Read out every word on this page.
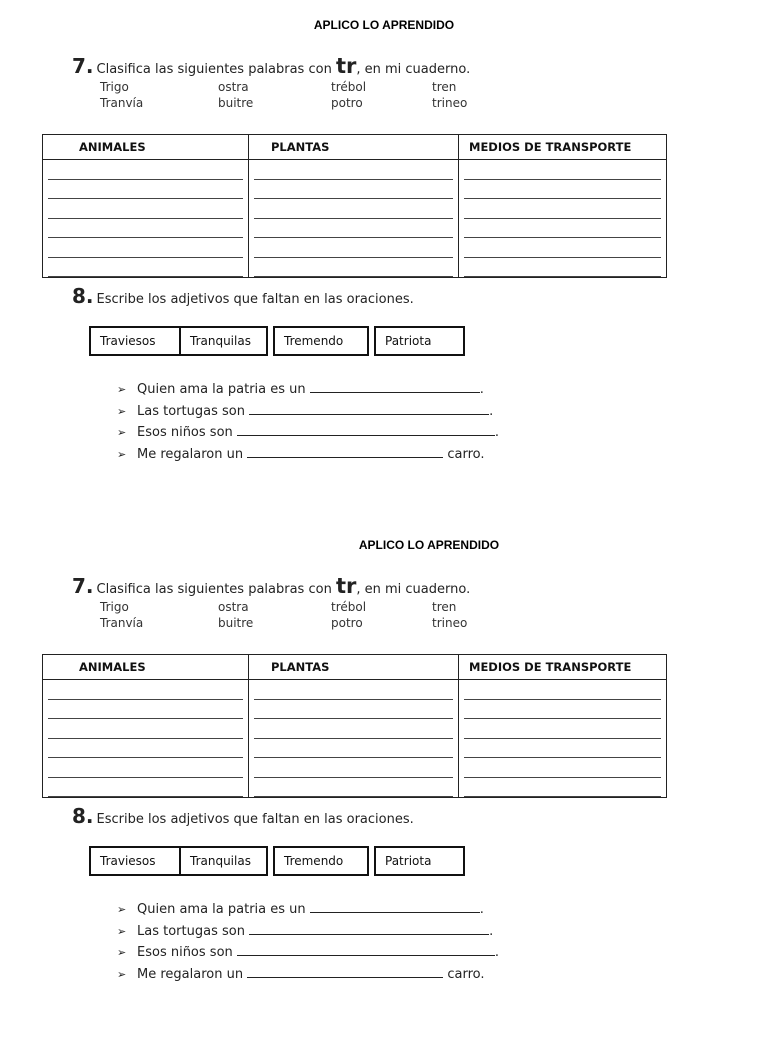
APLICO LO APRENDIDO
7. Clasifica las siguientes palabras con tr, en mi cuaderno.
Trigo	ostra	trébol	tren
Tranvía	buitre	potro	trineo
ANIMALES	PLANTAS	MEDIOS DE TRANSPORTE

8. Escribe los adjetivos que faltan en las oraciones.
Traviesos	Tranquilas	Tremendo	Patriota
➢ Quien ama la patria es un	.
➢ Las tortugas son	.
➢ Esos niños son	.
➢ Me regalaron un	carro.
APLICO LO APRENDIDO
7. Clasifica las siguientes palabras con tr, en mi cuaderno.
Trigo	ostra	trébol	tren
Tranvía	buitre	potro	trineo
ANIMALES	PLANTAS	MEDIOS DE TRANSPORTE

8. Escribe los adjetivos que faltan en las oraciones.
Traviesos	Tranquilas	Tremendo	Patriota
➢ Quien ama la patria es un	.
➢ Las tortugas son	.
➢ Esos niños son	.
➢ Me regalaron un	carro.
